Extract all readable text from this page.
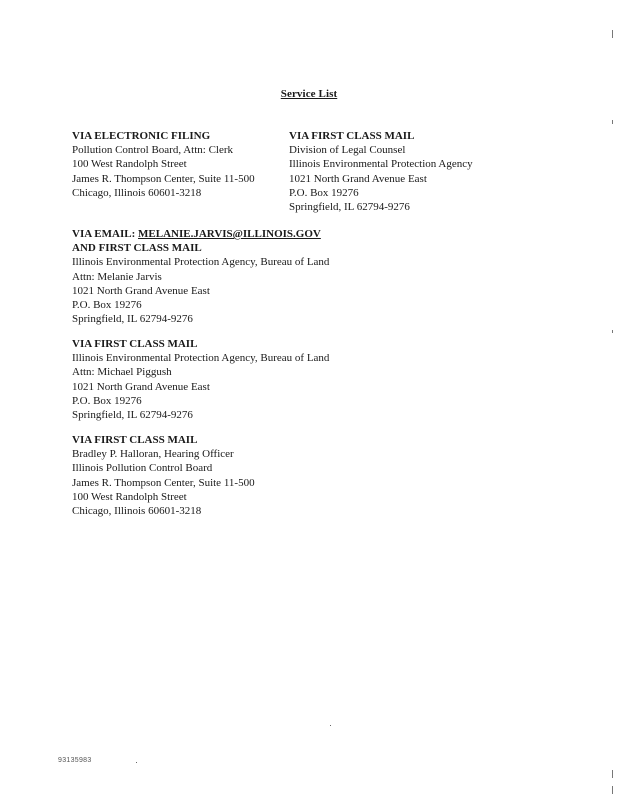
Service List
VIA ELECTRONIC FILING
Pollution Control Board, Attn: Clerk
100 West Randolph Street
James R. Thompson Center, Suite 11-500
Chicago, Illinois 60601-3218
VIA FIRST CLASS MAIL
Division of Legal Counsel
Illinois Environmental Protection Agency
1021 North Grand Avenue East
P.O. Box 19276
Springfield, IL 62794-9276
VIA EMAIL: MELANIE.JARVIS@ILLINOIS.GOV
AND FIRST CLASS MAIL
Illinois Environmental Protection Agency, Bureau of Land
Attn: Melanie Jarvis
1021 North Grand Avenue East
P.O. Box 19276
Springfield, IL 62794-9276
VIA FIRST CLASS MAIL
Illinois Environmental Protection Agency, Bureau of Land
Attn: Michael Piggush
1021 North Grand Avenue East
P.O. Box 19276
Springfield, IL 62794-9276
VIA FIRST CLASS MAIL
Bradley P. Halloran, Hearing Officer
Illinois Pollution Control Board
James R. Thompson Center, Suite 11-500
100 West Randolph Street
Chicago, Illinois 60601-3218
93135983
